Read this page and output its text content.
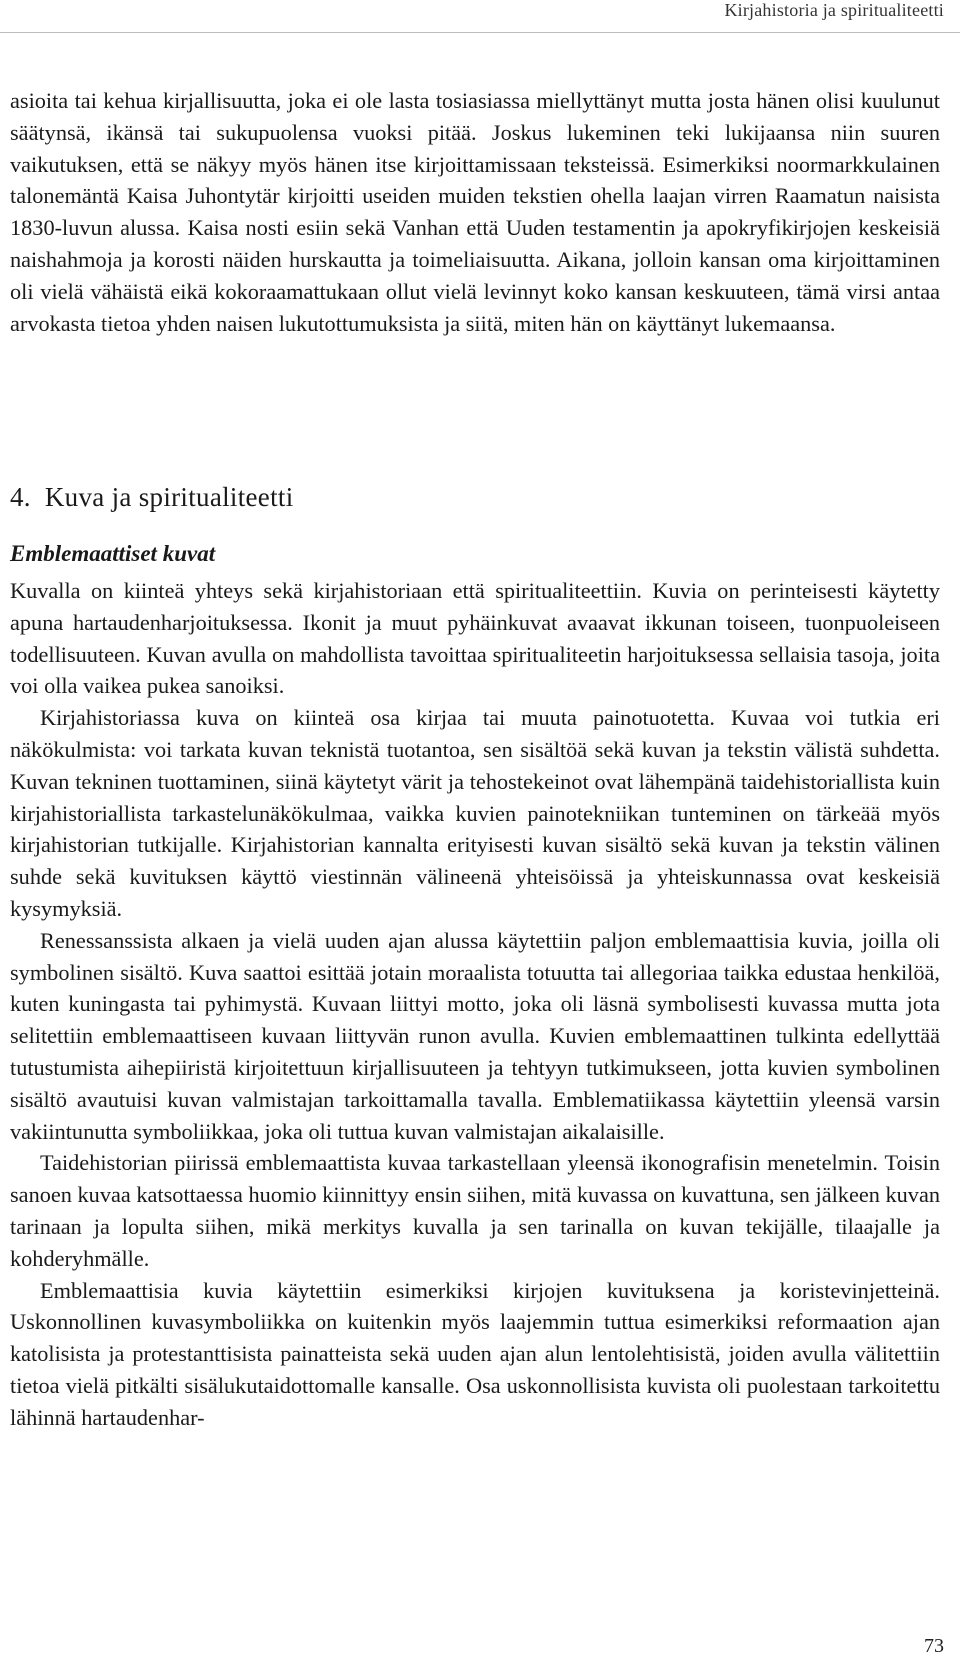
Kirjahistoria ja spiritualiteetti

asioita tai kehua kirjallisuutta, joka ei ole lasta tosiasiassa miellyttänyt mutta josta hänen olisi kuulunut säätynsä, ikänsä tai sukupuolensa vuoksi pitää. Joskus lukeminen teki lukijaansa niin suuren vaikutuksen, että se näkyy myös hänen itse kirjoittamissaan teksteissä. Esimerkiksi noormarkkulainen talonemäntä Kaisa Juhontytär kirjoitti useiden muiden tekstien ohella laajan virren Raamatun naisista 1830-luvun alussa. Kaisa nosti esiin sekä Vanhan että Uuden testamentin ja apokryfikirjojen keskeisiä naishahmoja ja korosti näiden hurskautta ja toimeliaisuutta. Aikana, jolloin kansan oma kirjoittaminen oli vielä vähäistä eikä kokoraamattukaan ollut vielä levinnyt koko kansan keskuuteen, tämä virsi antaa arvokasta tietoa yhden naisen lukutottumuksista ja siitä, miten hän on käyttänyt lukemaansa.

4. Kuva ja spiritualiteetti
Emblemaattiset kuvat

Kuvalla on kiinteä yhteys sekä kirjahistoriaan että spiritualiteettiin. Kuvia on perinteisesti käytetty apuna hartaudenharjoituksessa. Ikonit ja muut pyhäinkuvat avaavat ikkunan toiseen, tuonpuoleiseen todellisuuteen. Kuvan avulla on mahdollista tavoittaa spiritualiteetin harjoituksessa sellaisia tasoja, joita voi olla vaikea pukea sanoiksi.

Kirjahistoriassa kuva on kiinteä osa kirjaa tai muuta painotuotetta. Kuvaa voi tutkia eri näkökulmista: voi tarkata kuvan teknistä tuotantoa, sen sisältöä sekä kuvan ja tekstin välistä suhdetta. Kuvan tekninen tuottaminen, siinä käytetyt värit ja tehostekeinot ovat lähempänä taidehistoriallista kuin kirjahistoriallista tarkastelunäkökulmaa, vaikka kuvien painotekniikan tunteminen on tärkeää myös kirjahistorian tutkijalle. Kirjahistorian kannalta erityisesti kuvan sisältö sekä kuvan ja tekstin välinen suhde sekä kuvituksen käyttö viestinnän välineenä yhteisöissä ja yhteiskunnassa ovat keskeisiä kysymyksiä.

Renessanssista alkaen ja vielä uuden ajan alussa käytettiin paljon emblemaattisia kuvia, joilla oli symbolinen sisältö. Kuva saattoi esittää jotain moraalista totuutta tai allegoriaa taikka edustaa henkilöä, kuten kuningasta tai pyhimystä. Kuvaan liittyi motto, joka oli läsnä symbolisesti kuvassa mutta jota selitettiin emblemaattiseen kuvaan liittyvän runon avulla. Kuvien emblemaattinen tulkinta edellyttää tutustumista aihepiiristä kirjoitettuun kirjallisuuteen ja tehtyyn tutkimukseen, jotta kuvien symbolinen sisältö avautuisi kuvan valmistajan tarkoittamalla tavalla. Emblematiikassa käytettiin yleensä varsin vakiintunutta symboliikkaa, joka oli tuttua kuvan valmistajan aikalaisille.

Taidehistorian piirissä emblemaattista kuvaa tarkastellaan yleensä ikonografisin menetelmin. Toisin sanoen kuvaa katsottaessa huomio kiinnittyy ensin siihen, mitä kuvassa on kuvattuna, sen jälkeen kuvan tarinaan ja lopulta siihen, mikä merkitys kuvalla ja sen tarinalla on kuvan tekijälle, tilaajalle ja kohderyhmälle.

Emblemaattisia kuvia käytettiin esimerkiksi kirjojen kuvituksena ja koristevinjetteinä. Uskonnollinen kuvasymboliikka on kuitenkin myös laajemmin tuttua esimerkiksi reformaation ajan katolisista ja protestanttisista painatteista sekä uuden ajan alun lentolehtisistä, joiden avulla välitettiin tietoa vielä pitkälti sisälukutaidottomalle kansalle. Osa uskonnollisista kuvista oli puolestaan tarkoitettu lähinnä hartaudenhar-

73
